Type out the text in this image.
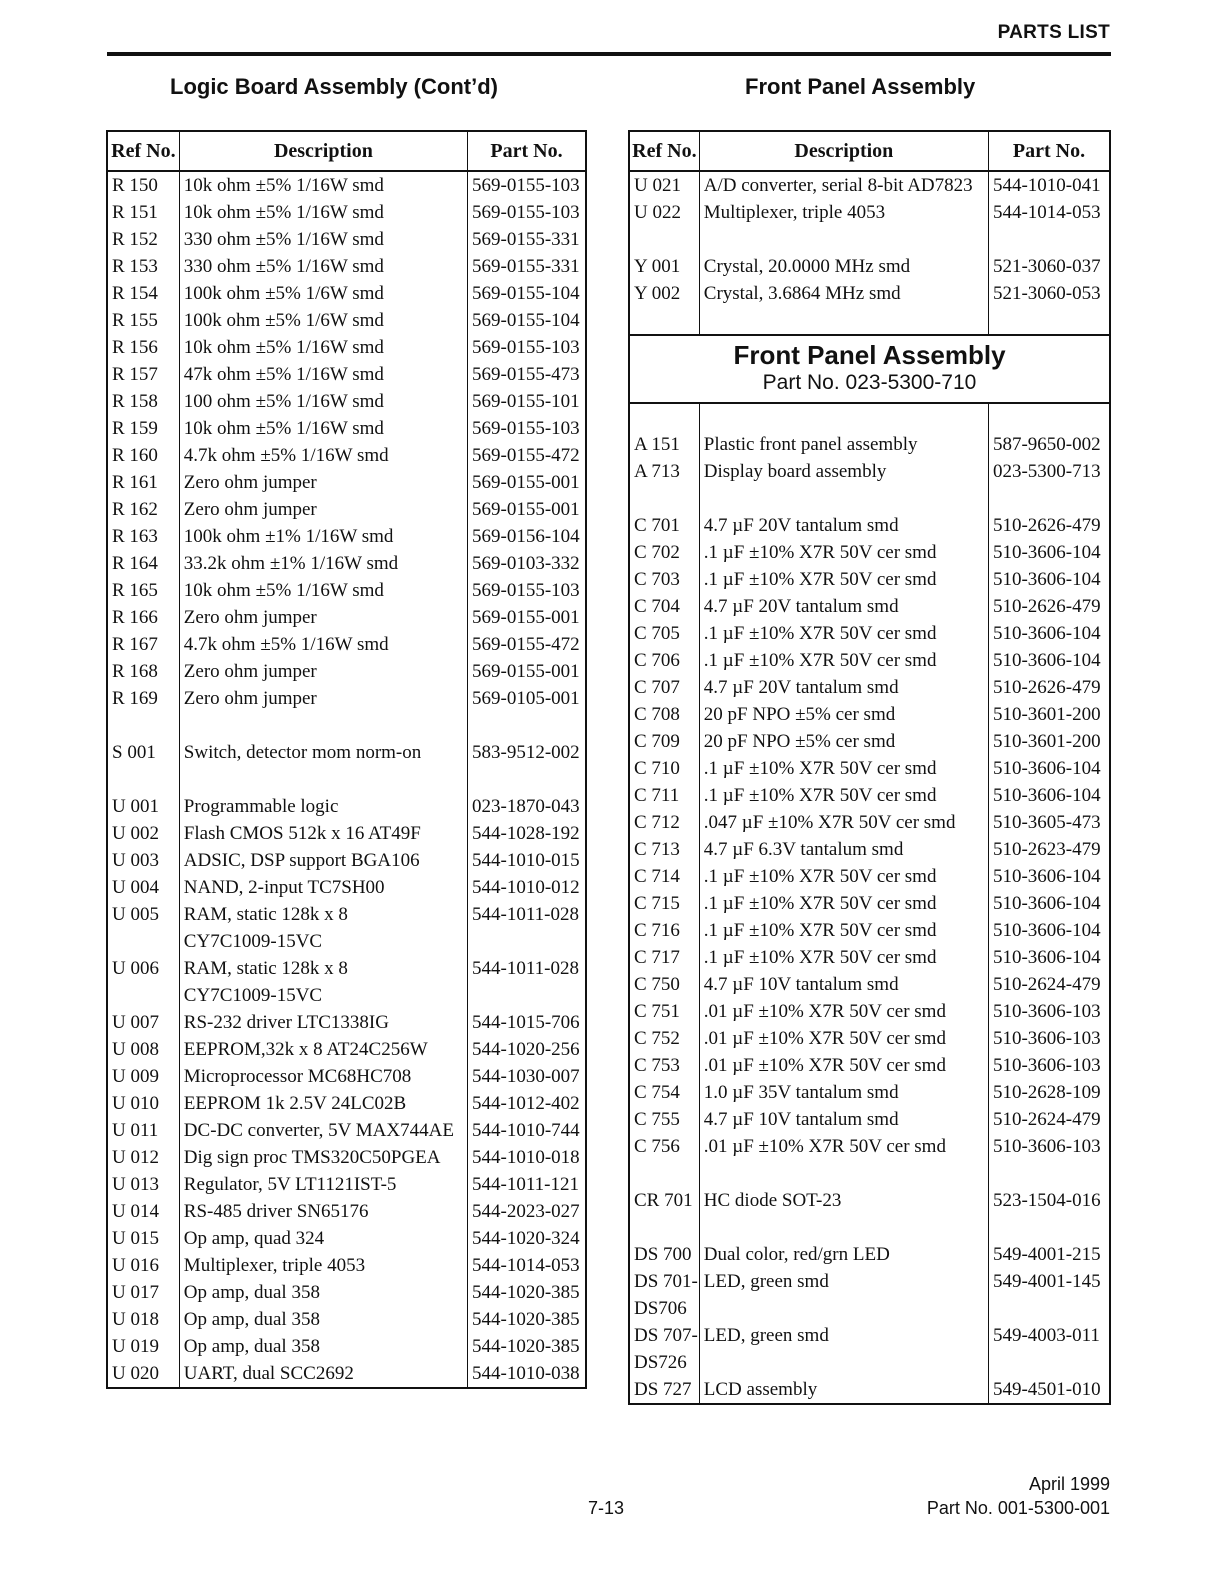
PARTS LIST
Logic Board Assembly (Cont’d)	Front Panel Assembly
Ref No.	Description	Part No.
R 150	10k ohm ±5% 1/16W smd	569-0155-103
R 151	10k ohm ±5% 1/16W smd	569-0155-103
R 152	330 ohm ±5% 1/16W smd	569-0155-331
R 153	330 ohm ±5% 1/16W smd	569-0155-331
R 154	100k ohm ±5% 1/6W smd	569-0155-104
R 155	100k ohm ±5% 1/6W smd	569-0155-104
R 156	10k ohm ±5% 1/16W smd	569-0155-103
R 157	47k ohm ±5% 1/16W smd	569-0155-473
R 158	100 ohm ±5% 1/16W smd	569-0155-101
R 159	10k ohm ±5% 1/16W smd	569-0155-103
R 160	4.7k ohm ±5% 1/16W smd	569-0155-472
R 161	Zero ohm jumper	569-0155-001
R 162	Zero ohm jumper	569-0155-001
R 163	100k ohm ±1% 1/16W smd	569-0156-104
R 164	33.2k ohm ±1% 1/16W smd	569-0103-332
R 165	10k ohm ±5% 1/16W smd	569-0155-103
R 166	Zero ohm jumper	569-0155-001
R 167	4.7k ohm ±5% 1/16W smd	569-0155-472
R 168	Zero ohm jumper	569-0155-001
R 169	Zero ohm jumper	569-0105-001

S 001	Switch, detector mom norm-on	583-9512-002

U 001	Programmable logic	023-1870-043
U 002	Flash CMOS 512k x 16 AT49F	544-1028-192
U 003	ADSIC, DSP support BGA106	544-1010-015
U 004	NAND, 2-input TC7SH00	544-1010-012
U 005	RAM, static 128k x 8	544-1011-028
	CY7C1009-15VC	
U 006	RAM, static 128k x 8	544-1011-028
	CY7C1009-15VC	
U 007	RS-232 driver LTC1338IG	544-1015-706
U 008	EEPROM,32k x 8 AT24C256W	544-1020-256
U 009	Microprocessor MC68HC708	544-1030-007
U 010	EEPROM 1k 2.5V 24LC02B	544-1012-402
U 011	DC-DC converter, 5V MAX744AE	544-1010-744
U 012	Dig sign proc TMS320C50PGEA	544-1010-018
U 013	Regulator, 5V LT1121IST-5	544-1011-121
U 014	RS-485 driver SN65176	544-2023-027
U 015	Op amp, quad 324	544-1020-324
U 016	Multiplexer, triple 4053	544-1014-053
U 017	Op amp, dual 358	544-1020-385
U 018	Op amp, dual 358	544-1020-385
U 019	Op amp, dual 358	544-1020-385
U 020	UART, dual SCC2692	544-1010-038
Ref No.	Description	Part No.
U 021	A/D converter, serial 8-bit AD7823	544-1010-041
U 022	Multiplexer, triple 4053	544-1014-053

Y 001	Crystal, 20.0000 MHz smd	521-3060-037
Y 002	Crystal, 3.6864 MHz smd	521-3060-053

Front Panel Assembly
Part No. 023-5300-710		

A 151	Plastic front panel assembly	587-9650-002
A 713	Display board assembly	023-5300-713

C 701	4.7 µF 20V tantalum smd	510-2626-479
C 702	.1 µF ±10% X7R 50V cer smd	510-3606-104
C 703	.1 µF ±10% X7R 50V cer smd	510-3606-104
C 704	4.7 µF 20V tantalum smd	510-2626-479
C 705	.1 µF ±10% X7R 50V cer smd	510-3606-104
C 706	.1 µF ±10% X7R 50V cer smd	510-3606-104
C 707	4.7 µF 20V tantalum smd	510-2626-479
C 708	20 pF NPO ±5% cer smd	510-3601-200
C 709	20 pF NPO ±5% cer smd	510-3601-200
C 710	.1 µF ±10% X7R 50V cer smd	510-3606-104
C 711	.1 µF ±10% X7R 50V cer smd	510-3606-104
C 712	.047 µF ±10% X7R 50V cer smd	510-3605-473
C 713	4.7 µF 6.3V tantalum smd	510-2623-479
C 714	.1 µF ±10% X7R 50V cer smd	510-3606-104
C 715	.1 µF ±10% X7R 50V cer smd	510-3606-104
C 716	.1 µF ±10% X7R 50V cer smd	510-3606-104
C 717	.1 µF ±10% X7R 50V cer smd	510-3606-104
C 750	4.7 µF 10V tantalum smd	510-2624-479
C 751	.01 µF ±10% X7R 50V cer smd	510-3606-103
C 752	.01 µF ±10% X7R 50V cer smd	510-3606-103
C 753	.01 µF ±10% X7R 50V cer smd	510-3606-103
C 754	1.0 µF 35V tantalum smd	510-2628-109
C 755	4.7 µF 10V tantalum smd	510-2624-479
C 756	.01 µF ±10% X7R 50V cer smd	510-3606-103

CR 701	HC diode SOT-23	523-1504-016

DS 700	Dual color, red/grn LED	549-4001-215
DS 701-	LED, green smd	549-4001-145
DS706		
DS 707-	LED, green smd	549-4003-011
DS726		
DS 727	LCD assembly	549-4501-010
April 1999
7-13	Part No. 001-5300-001
